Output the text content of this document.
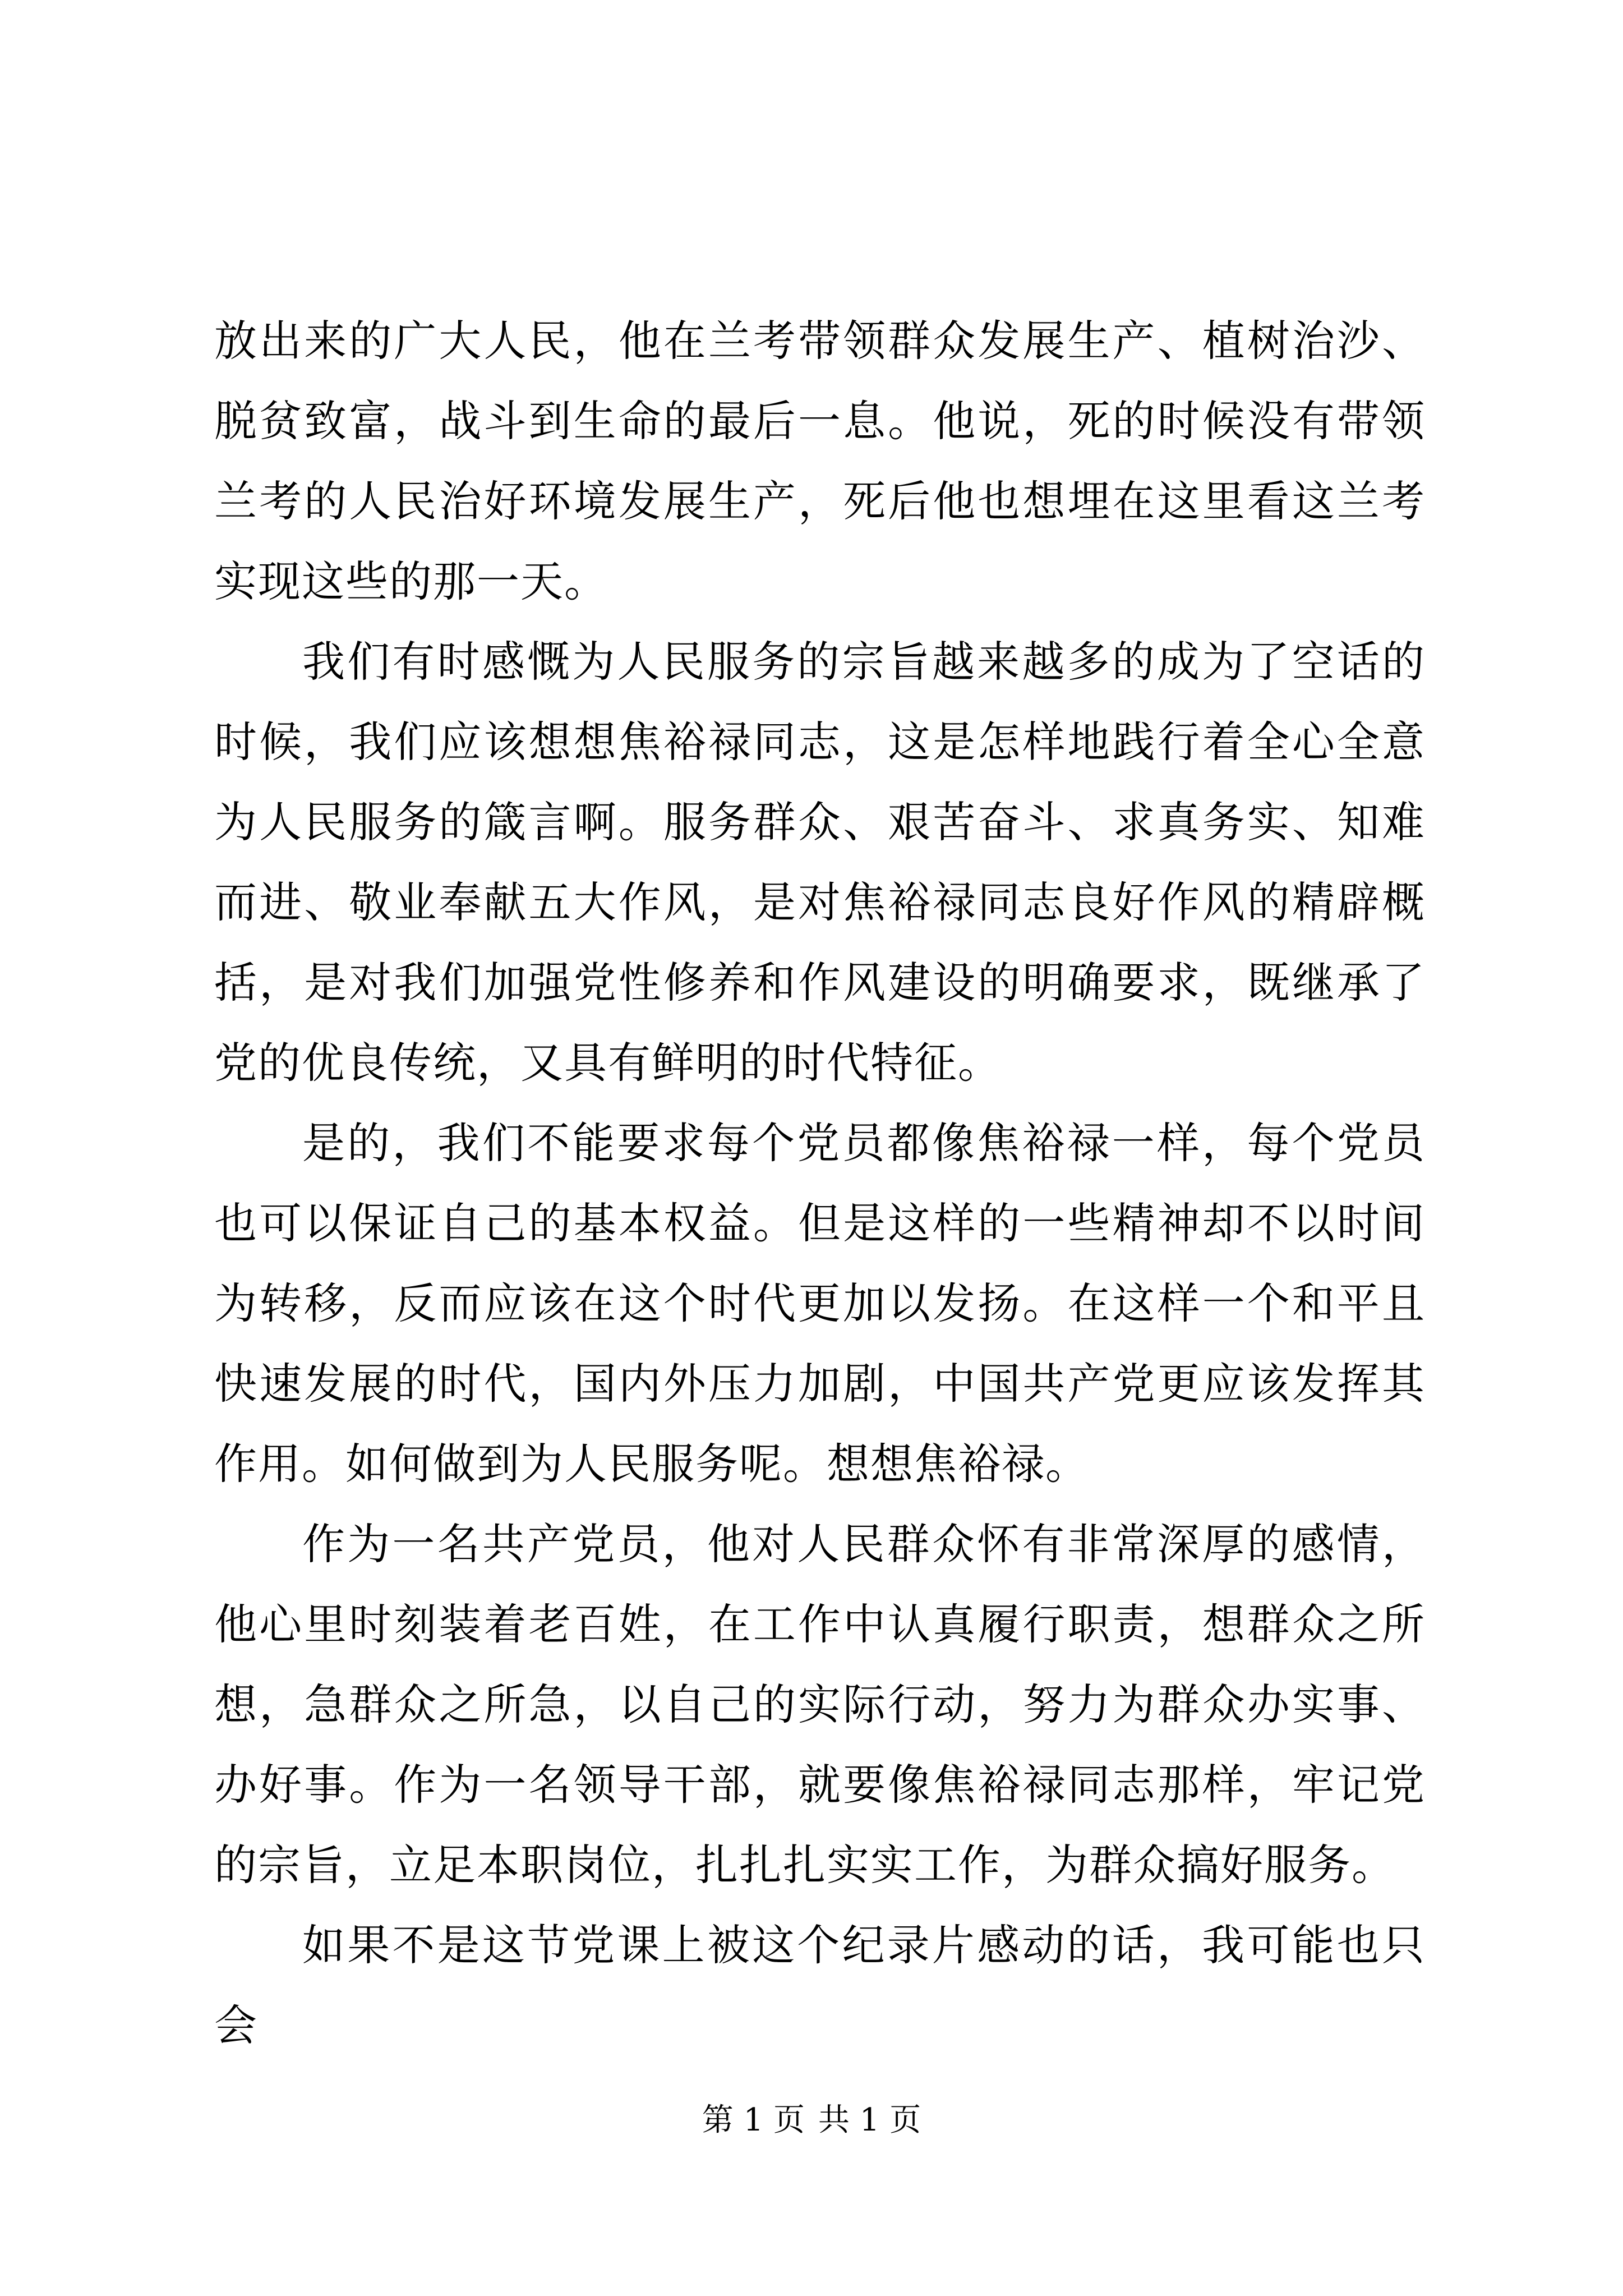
放出来的广大人民，他在兰考带领群众发展生产、植树治沙、脱贫致富，战斗到生命的最后一息。他说，死的时候没有带领兰考的人民治好环境发展生产，死后他也想埋在这里看这兰考实现这些的那一天。

我们有时感慨为人民服务的宗旨越来越多的成为了空话的时候，我们应该想想焦裕禄同志，这是怎样地践行着全心全意为人民服务的箴言啊。服务群众、艰苦奋斗、求真务实、知难而进、敬业奉献五大作风，是对焦裕禄同志良好作风的精辟概括，是对我们加强党性修养和作风建设的明确要求，既继承了党的优良传统，又具有鲜明的时代特征。

是的，我们不能要求每个党员都像焦裕禄一样，每个党员也可以保证自己的基本权益。但是这样的一些精神却不以时间为转移，反而应该在这个时代更加以发扬。在这样一个和平且快速发展的时代，国内外压力加剧，中国共产党更应该发挥其作用。如何做到为人民服务呢。想想焦裕禄。

作为一名共产党员，他对人民群众怀有非常深厚的感情，他心里时刻装着老百姓，在工作中认真履行职责，想群众之所想，急群众之所急，以自己的实际行动，努力为群众办实事、办好事。作为一名领导干部，就要像焦裕禄同志那样，牢记党的宗旨，立足本职岗位，扎扎扎实实工作，为群众搞好服务。

如果不是这节党课上被这个纪录片感动的话，我可能也只会

第 1 页 共 1 页
